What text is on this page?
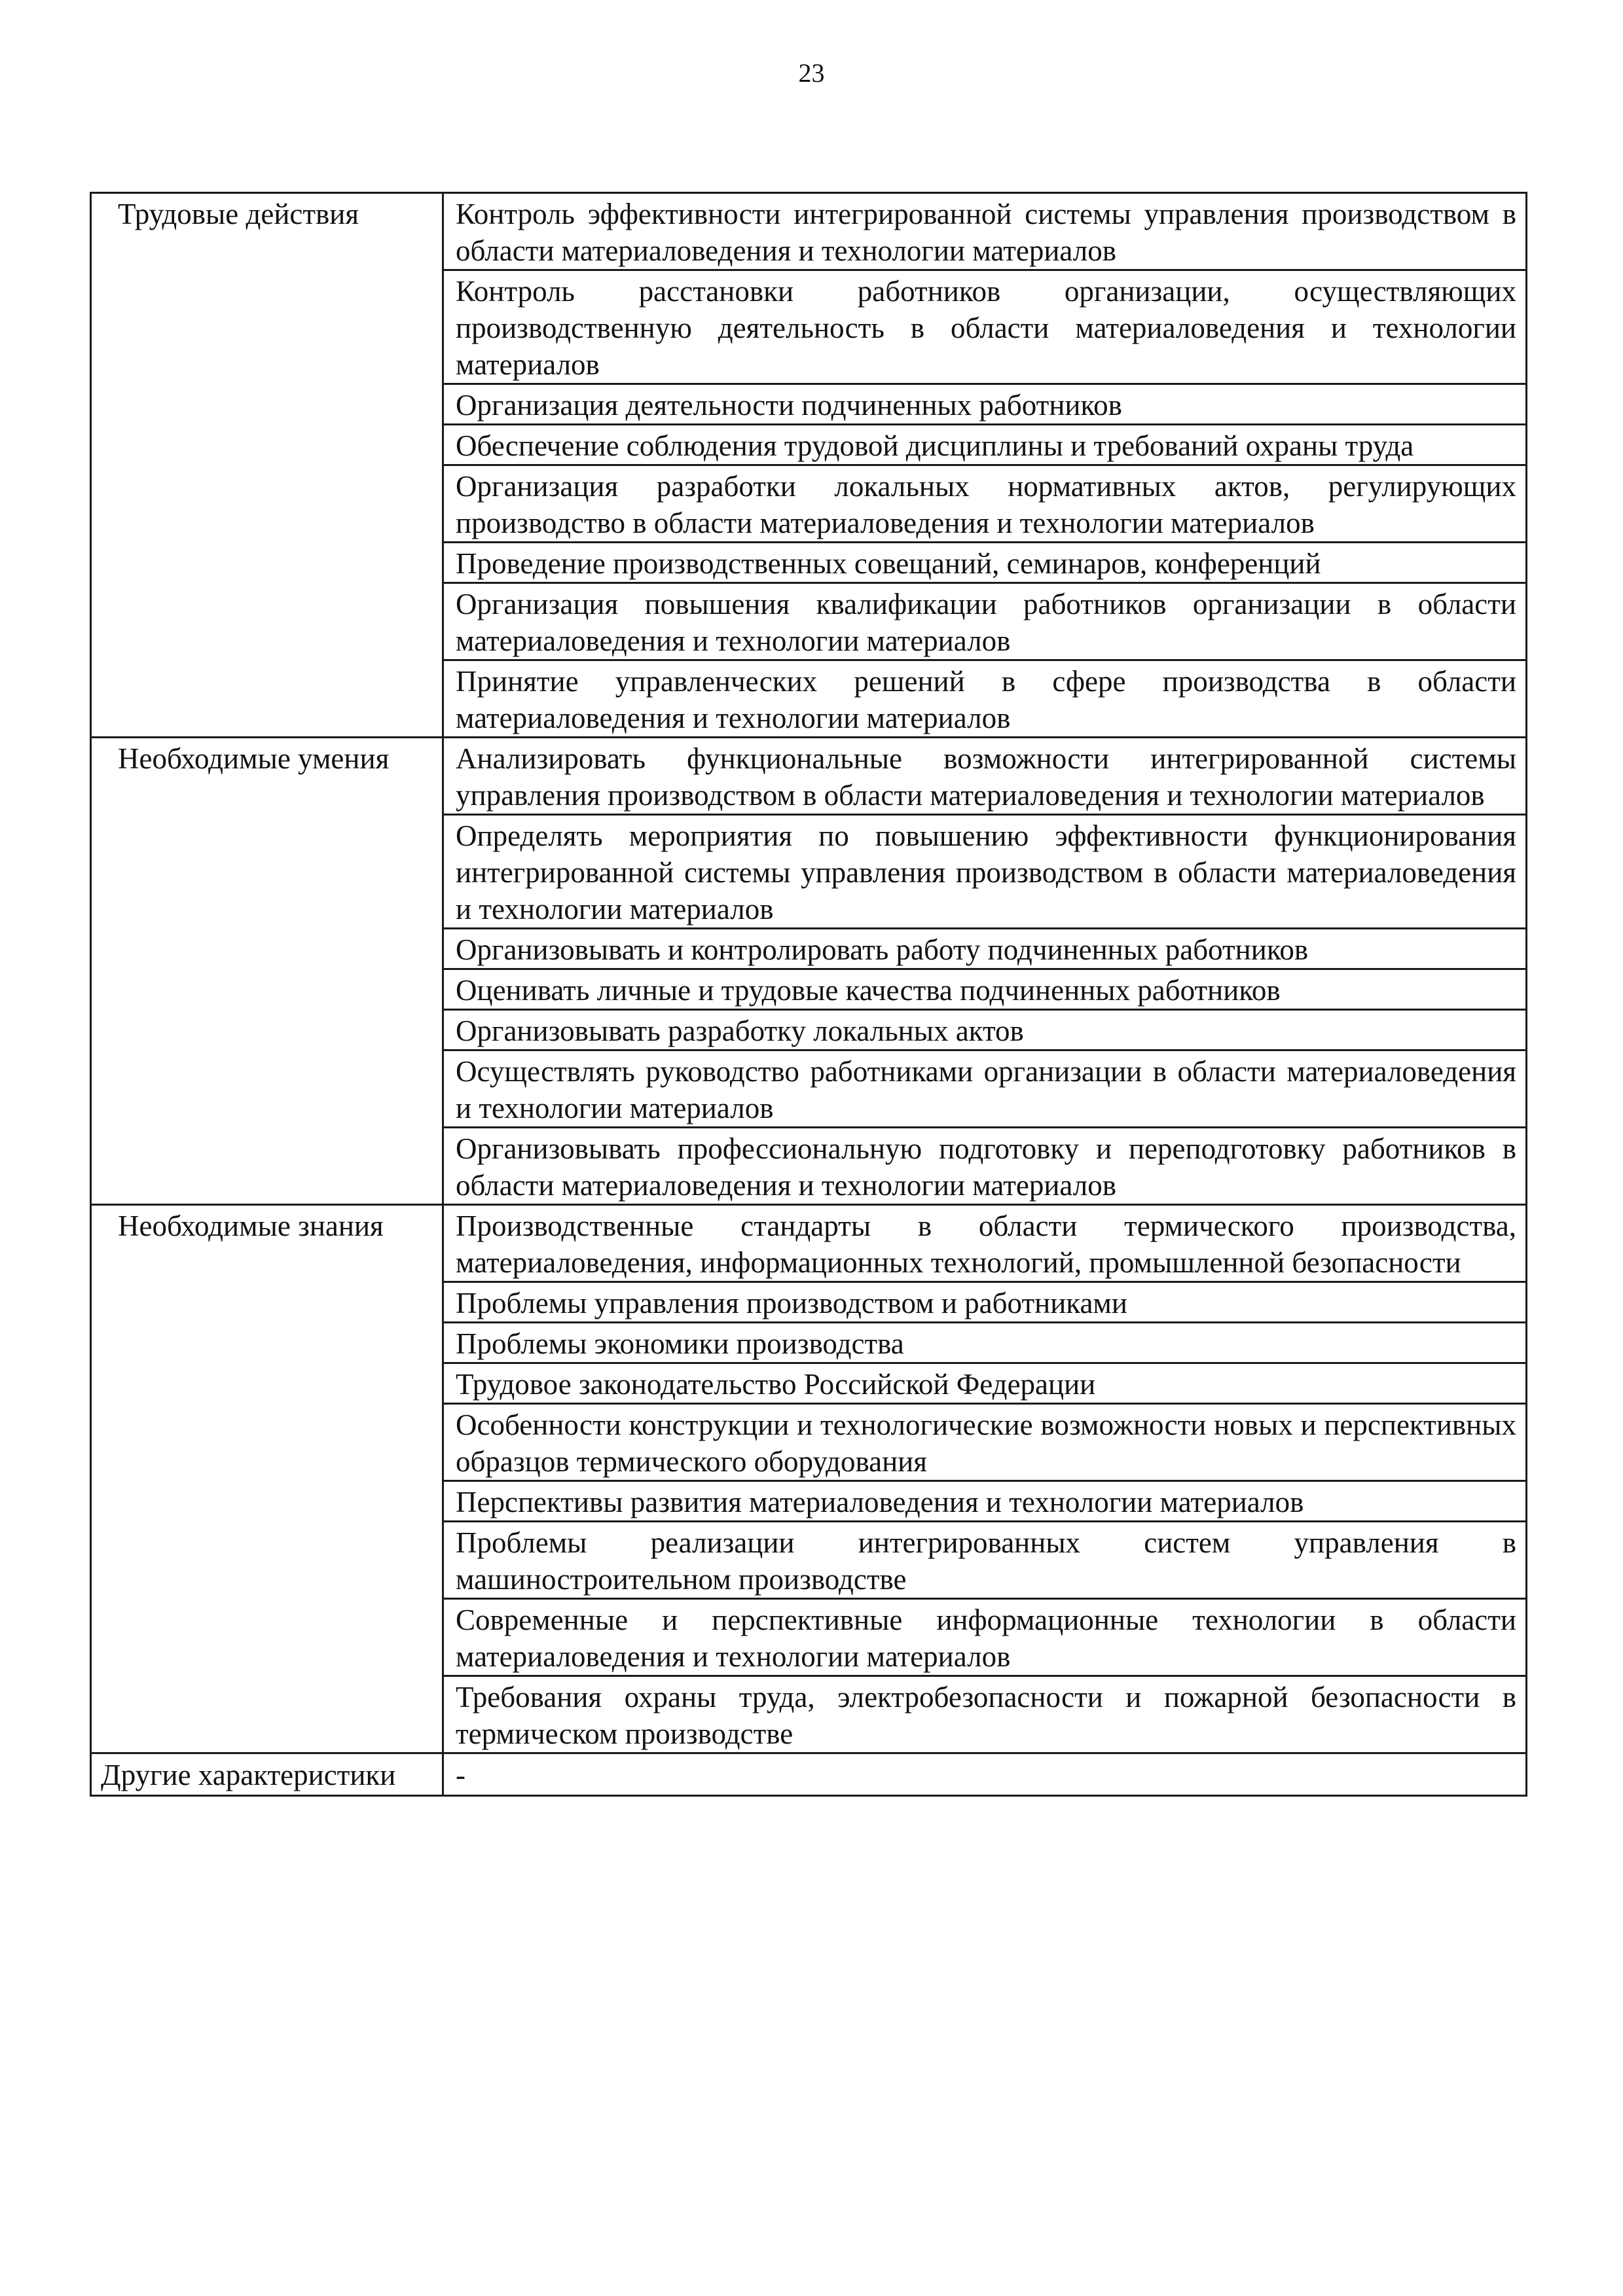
23
Трудовые действия	Контроль эффективности интегрированной системы управления производством в области материаловедения и технологии материалов
	Контроль расстановки работников организации, осуществляющих производственную деятельность в области материаловедения и технологии материалов
	Организация деятельности подчиненных работников
	Обеспечение соблюдения трудовой дисциплины и требований охраны труда
	Организация разработки локальных нормативных актов, регулирующих производство в области материаловедения и технологии материалов
	Проведение производственных совещаний, семинаров, конференций
	Организация повышения квалификации работников организации в области материаловедения и технологии материалов
	Принятие управленческих решений в сфере производства в области материаловедения и технологии материалов
Необходимые умения	Анализировать функциональные возможности интегрированной системы управления производством в области материаловедения и технологии материалов
	Определять мероприятия по повышению эффективности функционирования интегрированной системы управления производством в области материаловедения и технологии материалов
	Организовывать и контролировать работу подчиненных работников
	Оценивать личные и трудовые качества подчиненных работников
	Организовывать разработку локальных актов
	Осуществлять руководство работниками организации в области материаловедения и технологии материалов
	Организовывать профессиональную подготовку и переподготовку работников в области материаловедения и технологии материалов
Необходимые знания	Производственные стандарты в области термического производства, материаловедения, информационных технологий, промышленной безопасности
	Проблемы управления производством и работниками
	Проблемы экономики производства
	Трудовое законодательство Российской Федерации
	Особенности конструкции и технологические возможности новых и перспективных образцов термического оборудования
	Перспективы развития материаловедения и технологии материалов
	Проблемы реализации интегрированных систем управления в машиностроительном производстве
	Современные и перспективные информационные технологии в области материаловедения и технологии материалов
	Требования охраны труда, электробезопасности и пожарной безопасности в термическом производстве
Другие характеристики	-
